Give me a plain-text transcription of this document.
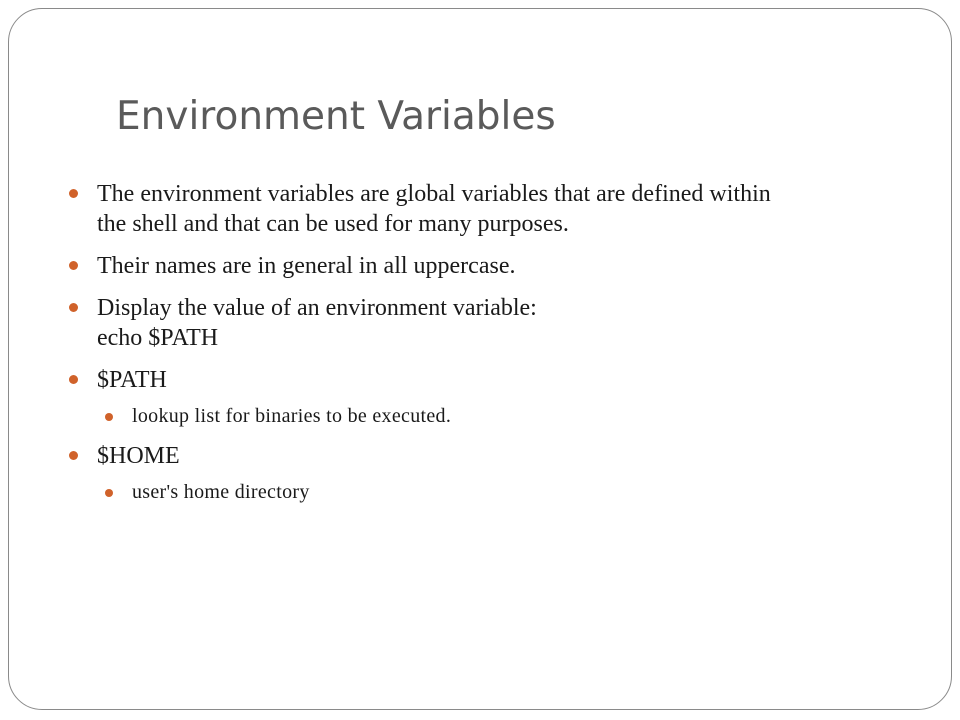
Environment Variables
The environment variables are global variables that are defined within
the shell and that can be used for many purposes.
Their names are in general in all uppercase.
Display the value of an environment variable:
echo $PATH
$PATH
lookup list for binaries to be executed.
$HOME
user's home directory
